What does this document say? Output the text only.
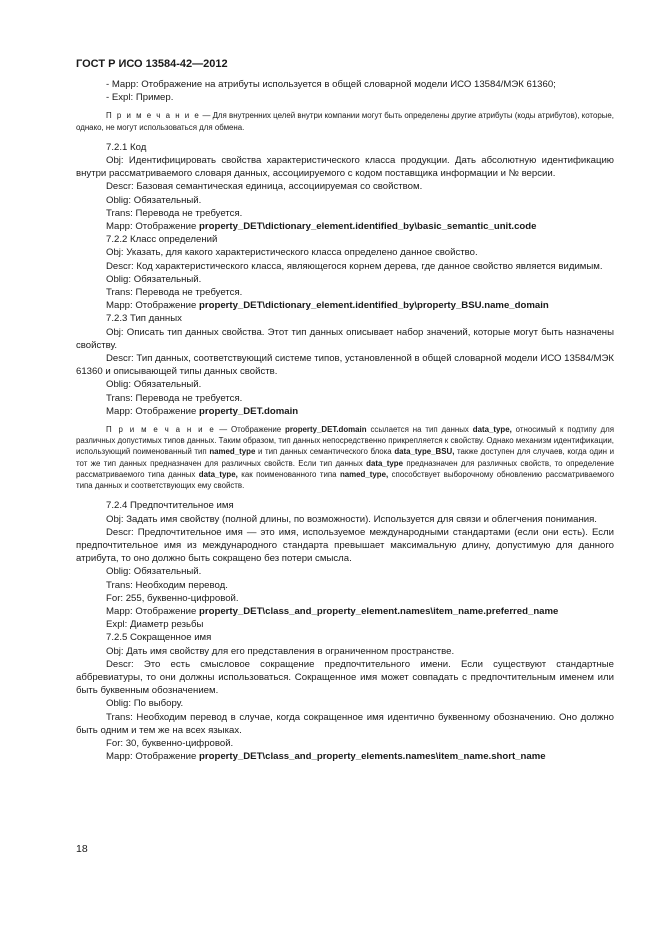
ГОСТ Р ИСО 13584-42—2012

- Mapp: Отображение на атрибуты используется в общей словарной модели ИСО 13584/МЭК 61360;

- Expl: Пример.

П р и м е ч а н и е — Для внутренних целей внутри компании могут быть определены другие атрибуты (коды атрибутов), которые, однако, не могут использоваться для обмена.

7.2.1 Код

Obj: Идентифицировать свойства характеристического класса продукции. Дать абсолютную идентификацию внутри рассматриваемого словаря данных, ассоциируемого с кодом поставщика информации и № версии.

Descr: Базовая семантическая единица, ассоциируемая со свойством.

Oblig: Обязательный.

Trans: Перевода не требуется.

Mapp: Отображение property_DET\dictionary_element.identified_by\basic_semantic_unit.code

7.2.2 Класс определений

Obj: Указать, для какого характеристического класса определено данное свойство.

Descr: Код характеристического класса, являющегося корнем дерева, где данное свойство является видимым.

Oblig: Обязательный.

Trans: Перевода не требуется.

Mapp: Отображение property_DET\dictionary_element.identified_by\property_BSU.name_domain

7.2.3 Тип данных

Obj: Описать тип данных свойства. Этот тип данных описывает набор значений, которые могут быть назначены свойству.

Descr: Тип данных, соответствующий системе типов, установленной в общей словарной модели ИСО 13584/МЭК 61360 и описывающей типы данных свойств.

Oblig: Обязательный.

Trans: Перевода не требуется.

Mapp: Отображение property_DET.domain

П р и м е ч а н и е — Отображение property_DET.domain ссылается на тип данных data_type, относимый к подтипу для различных допустимых типов данных. Таким образом, тип данных непосредственно прикрепляется к свойству. Однако механизм идентификации, использующий поименованный тип named_type и тип данных семантического блока data_type_BSU, также доступен для случаев, когда один и тот же тип данных предназначен для различных свойств. Если тип данных data_type предназначен для различных свойств, то определение рассматриваемого типа данных data_type, как поименованного типа named_type, способствует выборочному обновлению рассматриваемого типа данных и соответствующих ему свойств.

7.2.4 Предпочтительное имя

Obj: Задать имя свойству (полной длины, по возможности). Используется для связи и облегчения понимания.

Descr: Предпочтительное имя — это имя, используемое международными стандартами (если они есть). Если предпочтительное имя из международного стандарта превышает максимальную длину, допустимую для данного атрибута, то оно должно быть сокращено без потери смысла.

Oblig: Обязательный.

Trans: Необходим перевод.

For: 255, буквенно-цифровой.

Mapp: Отображение property_DET\class_and_property_element.names\item_name.preferred_name

Expl: Диаметр резьбы

7.2.5 Сокращенное имя

Obj: Дать имя свойству для его представления в ограниченном пространстве.

Descr: Это есть смысловое сокращение предпочтительного имени. Если существуют стандартные аббревиатуры, то они должны использоваться. Сокращенное имя может совпадать с предпочтительным именем или быть буквенным обозначением.

Oblig: По выбору.

Trans: Необходим перевод в случае, когда сокращенное имя идентично буквенному обозначению. Оно должно быть одним и тем же на всех языках.

For: 30, буквенно-цифровой.

Mapp: Отображение property_DET\class_and_property_elements.names\item_name.short_name

18
